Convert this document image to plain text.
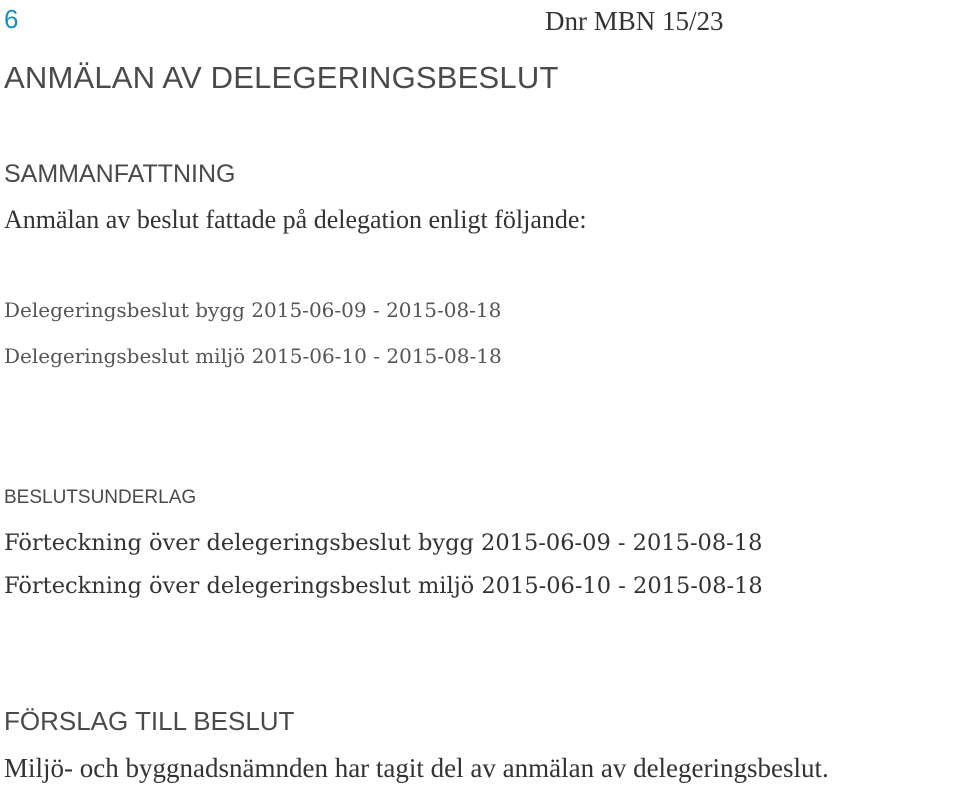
6	Dnr MBN 15/23
ANMÄLAN AV DELEGERINGSBESLUT
SAMMANFATTNING
Anmälan av beslut fattade på delegation enligt följande:
Delegeringsbeslut bygg 2015-06-09 - 2015-08-18
Delegeringsbeslut miljö 2015-06-10 - 2015-08-18
BESLUTSUNDERLAG
Förteckning över delegeringsbeslut bygg 2015-06-09 - 2015-08-18
Förteckning över delegeringsbeslut miljö 2015-06-10 - 2015-08-18
FÖRSLAG TILL BESLUT
Miljö- och byggnadsnämnden har tagit del av anmälan av delegeringsbeslut.
